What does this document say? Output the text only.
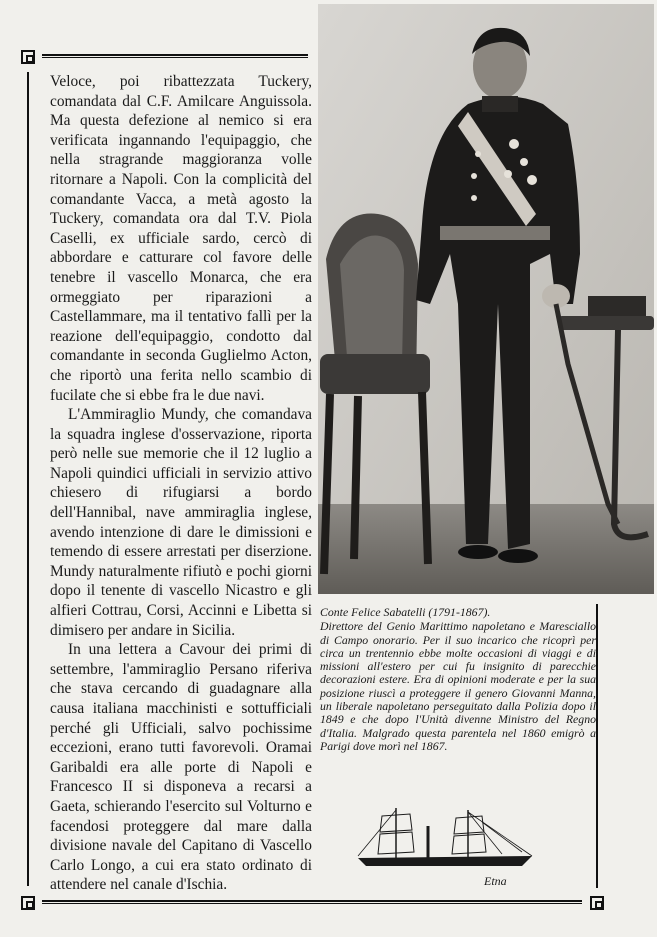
Veloce, poi ribattezzata Tuckery, comandata dal C.F. Amilcare Anguissola. Ma questa defezione al nemico si era verificata ingannando l'equipaggio, che nella stragrande maggioranza volle ritornare a Napoli. Con la complicità del comandante Vacca, a metà agosto la Tuckery, comandata ora dal T.V. Piola Caselli, ex ufficiale sardo, cercò di abbordare e catturare col favore delle tenebre il vascello Monarca, che era ormeggiato per riparazioni a Castellammare, ma il tentativo fallì per la reazione dell'equipaggio, condotto dal comandante in seconda Guglielmo Acton, che riportò una ferita nello scambio di fucilate che si ebbe fra le due navi.

L'Ammiraglio Mundy, che comandava la squadra inglese d'osservazione, riporta però nelle sue memorie che il 12 luglio a Napoli quindici ufficiali in servizio attivo chiesero di rifugiarsi a bordo dell'Hannibal, nave ammiraglia inglese, avendo intenzione di dare le dimissioni e temendo di essere arrestati per diserzione. Mundy naturalmente rifiutò e pochi giorni dopo il tenente di vascello Nicastro e gli alfieri Cottrau, Corsi, Accinni e Libetta si dimisero per andare in Sicilia.

In una lettera a Cavour dei primi di settembre, l'ammiraglio Persano riferiva che stava cercando di guadagnare alla causa italiana macchinisti e sottufficiali perché gli Ufficiali, salvo pochissime eccezioni, erano tutti favorevoli. Oramai Garibaldi era alle porte di Napoli e Francesco II si disponeva a recarsi a Gaeta, schierando l'esercito sul Volturno e facendosi proteggere dal mare dalla divisione navale del Capitano di Vascello Carlo Longo, a cui era stato ordinato di attendere nel canale d'Ischia.

Conte Felice Sabatelli (1791-1867).
Direttore del Genio Marittimo napoletano e Maresciallo di Campo onorario. Per il suo incarico che ricoprì per circa un trentennio ebbe molte occasioni di viaggi e di missioni all'estero per cui fu insignito di parecchie decorazioni estere. Era di opinioni moderate e per la sua posizione riuscì a proteggere il genero Giovanni Manna, un liberale napoletano perseguitato dalla Polizia dopo il 1849 e che dopo l'Unità divenne Ministro del Regno d'Italia. Malgrado questa parentela nel 1860 emigrò a Parigi dove morì nel 1867.
Etna
